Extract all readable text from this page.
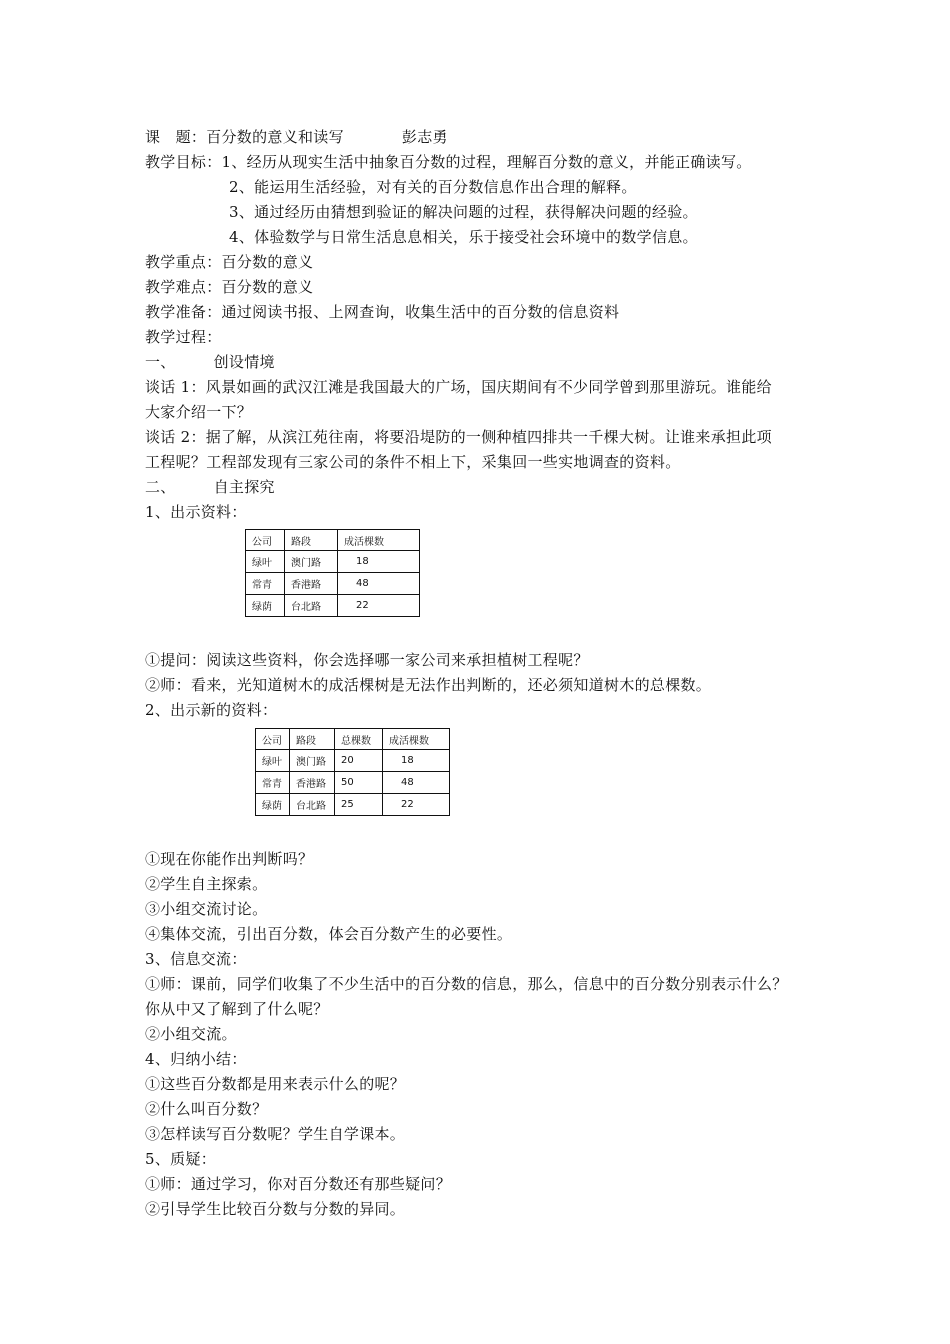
课　题：百分数的意义和读写	彭志勇
教学目标：1、经历从现实生活中抽象百分数的过程，理解百分数的意义，并能正确读写。
2、能运用生活经验，对有关的百分数信息作出合理的解释。
3、通过经历由猜想到验证的解决问题的过程，获得解决问题的经验。
4、体验数学与日常生活息息相关，乐于接受社会环境中的数学信息。
教学重点：百分数的意义
教学难点：百分数的意义
教学准备：通过阅读书报、上网查询，收集生活中的百分数的信息资料
教学过程：
一、	创设情境
谈话 1：风景如画的武汉江滩是我国最大的广场，国庆期间有不少同学曾到那里游玩。谁能给
大家介绍一下？
谈话 2：据了解，从滨江苑往南，将要沿堤防的一侧种植四排共一千棵大树。让谁来承担此项
工程呢？工程部发现有三家公司的条件不相上下，采集回一些实地调查的资料。
二、	自主探究
1、出示资料：
公司	路段	成活棵数
绿叶	澳门路	18
常青	香港路	48
绿荫	台北路	22
①提问：阅读这些资料，你会选择哪一家公司来承担植树工程呢？
②师：看来，光知道树木的成活棵树是无法作出判断的，还必须知道树木的总棵数。
2、出示新的资料：
公司	路段	总棵数	成活棵数
绿叶	澳门路	20	18
常青	香港路	50	48
绿荫	台北路	25	22
①现在你能作出判断吗？
②学生自主探索。
③小组交流讨论。
④集体交流，引出百分数，体会百分数产生的必要性。
3、信息交流：
①师：课前，同学们收集了不少生活中的百分数的信息，那么，信息中的百分数分别表示什么？
你从中又了解到了什么呢？
②小组交流。
4、归纳小结：
①这些百分数都是用来表示什么的呢？
②什么叫百分数？
③怎样读写百分数呢？学生自学课本。
5、质疑：
①师：通过学习，你对百分数还有那些疑问？
②引导学生比较百分数与分数的异同。
